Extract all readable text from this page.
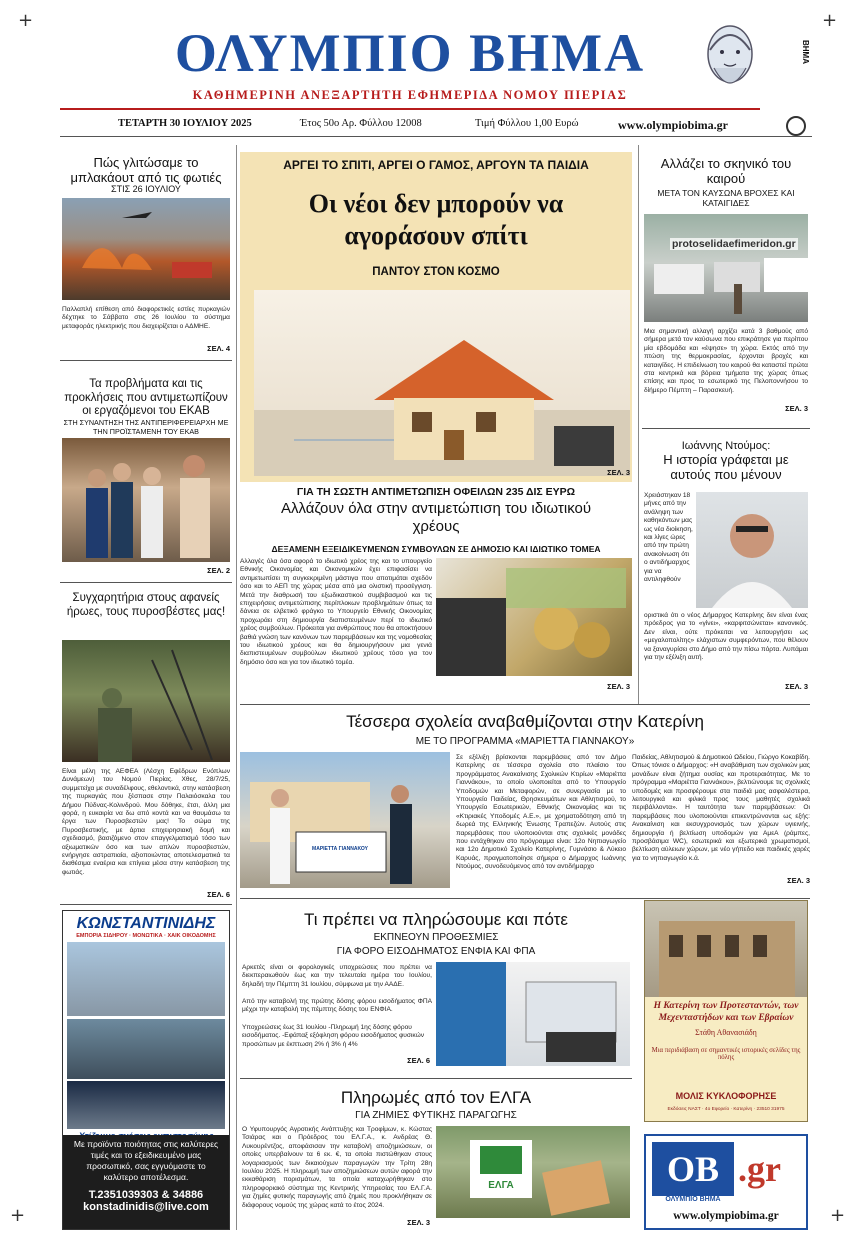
+	+
+	+
ΟΛΥΜΠΙΟ ΒΗΜΑ
ΚΑΘΗΜΕΡΙΝΗ ΑΝΕΞΑΡΤΗΤΗ ΕΦΗΜΕΡΙΔΑ ΝΟΜΟΥ ΠΙΕΡΙΑΣ
ΒΗΜΑ
ΤΕΤΑΡΤΗ 30 ΙΟΥΛΙΟΥ 2025	Έτος 50ο Αρ. Φύλλου 12008	Τιμή Φύλλου 1,00 Ευρώ	www.olympiobima.gr
Πώς γλιτώσαμε το μπλακάουτ από τις φωτιές
ΣΤΙΣ 26 ΙΟΥΛΙΟΥ
Παλλαπλή επίθεση από διαφορετικές εστίες πυρκαγιών δέχτηκε το Σάββατο στις 26 Ιουλίου το σύστημα μεταφοράς ηλεκτρικής που διαχειρίζεται ο ΑΔΜΗΕ.
ΣΕΛ. 4
Τα προβλήματα και τις προκλήσεις που αντιμετωπίζουν οι εργαζόμενοι του ΕΚΑΒ
ΣΤΗ ΣΥΝΑΝΤΗΣΗ ΤΗΣ ΑΝΤΙΠΕΡΙΦΕΡΕΙΑΡΧΗ ΜΕ ΤΗΝ ΠΡΟΪΣΤΑΜΕΝΗ ΤΟΥ ΕΚΑΒ
ΣΕΛ. 2
Συγχαρητήρια στους αφανείς ήρωες, τους πυροσβέστες μας!
Είναι μέλη της ΑΕΦΕΑ (Λέσχη Εφέδρων Ενόπλων Δυνάμεων) του Νομού Πιερίας. Χθες, 28/7/25, συμμετείχα με συναδέλφους, εθελοντικά, στην κατάσβεση της πυρκαγιάς που ξέσπασε στην Παλαιόσκαλα του Δήμου Πύδνας-Κολινδρού. Μου δόθηκε, έτσι, άλλη μια φορά, η ευκαιρία να δω από κοντά και να θαυμάσω τα έργα των Πυροσβεστών μας! Το σώμα της Πυροσβεστικής, με άρτια επιχειρησιακή δομή και σχεδιασμό, βασιζόμενο στον επαγγελματισμό τόσο των αξιωματικών όσο και των απλών πυροσβεστών, ενήργησε αστραπιαία, αξιοποιώντας αποτελεσματικά τα διαθέσιμα εναέρια και επίγεια μέσα στην κατάσβεση της φωτιάς.
ΣΕΛ. 6
ΚΩΝΣΤΑΝΤΙΝΙΔΗΣ
ΕΜΠΟΡΙΑ ΣΙΔΗΡΟΥ · ΜΟΝΩΤΙΚΑ · ΧΑΙΚ ΟΙΚΟΔΟΜΗΣ
Με προϊόντα ποιότητας στις καλύτερες τιμές και το εξειδικευμένο μας προσωπικό, σας εγγυόμαστε το καλύτερο αποτέλεσμα.
T.2351039303 & 34886
konstadinidis@live.com
ΑΡΓΕΙ ΤΟ ΣΠΙΤΙ, ΑΡΓΕΙ Ο ΓΑΜΟΣ, ΑΡΓΟΥΝ ΤΑ ΠΑΙΔΙΑ
Οι νέοι δεν μπορούν να αγοράσουν σπίτι
ΠΑΝΤΟΥ ΣΤΟΝ ΚΟΣΜΟ
ΣΕΛ. 3
ΓΙΑ ΤΗ ΣΩΣΤΗ ΑΝΤΙΜΕΤΩΠΙΣΗ ΟΦΕΙΛΩΝ 235 ΔΙΣ ΕΥΡΩ
Αλλάζουν όλα στην αντιμετώπιση του ιδιωτικού χρέους
ΔΕΞΑΜΕΝΗ ΕΞΕΙΔΙΚΕΥΜΕΝΩΝ ΣΥΜΒΟΥΛΩΝ ΣΕ ΔΗΜΟΣΙΟ ΚΑΙ ΙΔΙΩΤΙΚΟ ΤΟΜΕΑ
Αλλαγές όλα όσα αφορά το ιδιωτικό χρέος της και το υπουργείο Εθνικής Οικονομίας και Οικονομικών έχει επιφασίσει να αντιμετωπίσει τη συγκεκριμένη μάστιγα που αποτιμάται σχεδόν όσο και το ΑΕΠ της χώρας μέσα από μια ολιστική προσέγγιση. Μετά την διαθρωσή του εξωδικαστικού συμβιβασμού και τις επιχειρήσεις αντιμετώπισης περίπλοκων προβλημάτων όπως τα δάνεια σε ελβετικό φράγκο το Υπουργείο Εθνικής Οικονομίας προχωράει στη δημιουργία διαπιστευμένων περί το ιδιωτικό χρέος συμβούλων. Πρόκειται για ανθρώπους που θα αποκτήσουν βαθιά γνώση των κανόνων των παρεμβάσεων και της νομοθεσίας του ιδιωτικού χρέους και θα δημιουργήσουν μια γενιά διαπιστευμένων συμβούλων ιδιωτικού χρέους τόσο για τον δημόσιο όσο και για τον ιδιωτικό τομέα.
ΣΕΛ. 3
Αλλάζει το σκηνικό του καιρού
ΜΕΤΑ ΤΟΝ ΚΑΥΣΩΝΑ ΒΡΟΧΕΣ ΚΑΙ ΚΑΤΑΙΓΙΔΕΣ
protoselidaefimeridon.gr
Μια σημαντική αλλαγή αρχίζει κατά 3 βαθμούς από σήμερα μετά τον καύσωνα που επικράτησε για περίπου μία εβδομάδα και «έψησε» τη χώρα. Εκτός από την πτώση της θερμοκρασίας, έρχονται βροχές και καταιγίδες. Η επιδείνωση του καιρού θα καταστεί πρώτα στα κεντρικά και βόρεια τμήματα της χώρας όπως επίσης και προς το εσωτερικό της Πελοποννήσου το δίήμερο Πέμπτη – Παρασκευή.
ΣΕΛ. 3
Ιωάννης Ντούμος:
Η ιστορία γράφεται με αυτούς που μένουν
Χρειάστηκαν 18 μήνες από την ανάληψη των καθηκόντων μας ως νέα διοίκηση, και λίγες ώρες από την πρώτη ανακοίνωση ότι ο αντιδήμαρχος για να αντιληφθούν
οριστικά ότι ο νέος Δήμαρχος Κατερίνης δεν είναι ένας πρόεδρος για το «γίνει», «καρφιτσώνεται» κανονικός. Δεν είναι, ούτε πρόκειται να λειτουργήσει ως «μεγαλοπολίτης» ελάχιστων συμφερόντων, που θέλουν να ξαναγυρίσει στο Δήμο από την πίσω πόρτα. Λυπάμαι για την εξέλιξη αυτή.
ΣΕΛ. 3
Τέσσερα σχολεία αναβαθμίζονται στην Κατερίνη
ΜΕ ΤΟ ΠΡΟΓΡΑΜΜΑ «ΜΑΡΙΕΤΤΑ ΓΙΑΝΝΑΚΟΥ»
ΜΑΡΙΕΤΤΑ ΓΙΑΝΝΑΚΟΥ
Σε εξέλιξη βρίσκονται παρεμβάσεις από τον Δήμο Κατερίνης σε τέσσερα σχολεία στο πλαίσιο του προγράμματος Ανακαίνισης Σχολικών Κτιρίων «Μαριέττα Γιαννάκου», το οποίο υλοποιείται από το Υπουργείο Υποδομών και Μεταφορών, σε συνεργασία με το Υπουργείο Παιδείας, Θρησκευμάτων και Αθλητισμού, το Υπουργείο Εσωτερικών, Εθνικής Οικονομίας και τις «Κτιριακές Υποδομές Α.Ε.», με χρηματοδότηση από τη δωρεά της Ελληνικής Ένωσης Τραπεζών. Αυτούς στις παρεμβάσεις που υλοποιούνται στις σχολικές μονάδες που εντάχθηκαν στο πρόγραμμα είναι: 12ο Νηπιαγωγείο και 12ο Δημοτικό Σχολείο Κατερίνης, Γυμνάσιο & Λύκειο Καρυάς, πραγματοποίησε σήμερα ο Δήμαρχος Ιωάννης Ντούμος, συνοδευόμενος από τον αντιδήμαρχο
Παιδείας, Αθλητισμού & Δημοτικού Ωδείου, Γιώργο Κοκαβίδη. Όπως τόνισε ο Δήμαρχος: «Η αναβάθμιση των σχολικών μας μονάδων είναι ζήτημα ουσίας και προτεραιότητας. Με το πρόγραμμα «Μαριέττα Γιαννάκου», βελτιώνουμε τις σχολικές υποδομές και προσφέρουμε στα παιδιά μας ασφαλέστερα, λειτουργικά και φιλικά προς τους μαθητές σχολικά περιβάλλοντα». Η ταυτότητα των παρεμβάσεων: Οι παρεμβάσεις που υλοποιούνται επικεντρώνονται ως εξής: Ανακαίνιση και εκσυγχρονισμός των χώρων υγιεινής, δημιουργία ή βελτίωση υποδομών για ΑμεΑ (ράμπες, προσβάσιμα WC), εσωτερικά και εξωτερικά χρωματισμοί, βελτίωση αύλειων χώρων, με νέο γήπεδο και παιδικές χαρές για το νηπιαγωγείο κ.ά.
ΣΕΛ. 3
Τι πρέπει να πληρώσουμε και πότε
ΕΚΠΝΕΟΥΝ ΠΡΟΘΕΣΜΙΕΣ
ΓΙΑ ΦΟΡΟ ΕΙΣΟΔΗΜΑΤΟΣ ΕΝΦΙΑ ΚΑΙ ΦΠΑ
Αρκετές είναι οι φορολογικές υποχρεώσεις που πρέπει να διεκπεραιωθούν έως και την τελευταία ημέρα του Ιουλίου, δηλαδή την Πέμπτη 31 Ιουλίου, σύμφωνα με την ΑΑΔΕ.
Από την καταβολή της πρώτης δόσης φόρου εισοδήματος ΦΠΑ μέχρι την καταβολή της πέμπτης δόσης του ΕΝΦΙΑ.
Υποχρεώσεις έως 31 Ιουλίου -Πληρωμή 1ης δόσης φόρου εισοδήματος. -Εφάπαξ εξόφληση φόρου εισοδήματος φυσικών προσώπων με έκπτωση 2% ή 3% ή 4%
ΣΕΛ. 6
Η Κατερίνη των Προτεσταντών, των Μεχενταστήδων και των Εβραίων
Στάθη Αθανασιάδη
Μια περιδιάβαση σε σημαντικές ιστορικές σελίδες της πόλης
ΜΟΛΙΣ ΚΥΚΛΟΦΟΡΗΣΕ
Εκδόσεις ΝΑΣΤ · 4ο Εφορείο · Κατερίνη · 23510 31975
Πληρωμές από τον ΕΛΓΑ
ΓΙΑ ΖΗΜΙΕΣ ΦΥΤΙΚΗΣ ΠΑΡΑΓΩΓΗΣ
Ο Υφυπουργός Αγροτικής Ανάπτυξης και Τροφίμων, κ. Κώστας Τσιάρας και ο Πρόεδρος του ΕΛ.Γ.Α., κ. Ανδρέας Θ. Λυκουρέντζος, αποφάσισαν την καταβολή αποζημιώσεων, οι οποίες υπερβαίνουν τα 6 εκ. €, τα οποία πιστώθηκαν στους λογαριασμούς των δικαιούχων παραγωγών την Τρίτη 28η Ιουλίου 2025. Η πληρωμή των αποζημιώσεων αυτών αφορά την εκκαθάριση πορισμάτων, τα οποία καταχωρήθηκαν στο πληροφοριακό σύστημα της Κεντρικής Υπηρεσίας του ΕΛ.Γ.Α. για ζημίες φυτικής παραγωγής από ζημιές που προκλήθηκαν σε διάφορους νομούς της χώρας κατά το έτος 2024.
ΕΛΓΑ
ΣΕΛ. 3
OB .gr
ΟΛΥΜΠΙΟ ΒΗΜΑ
www.olympiobima.gr
